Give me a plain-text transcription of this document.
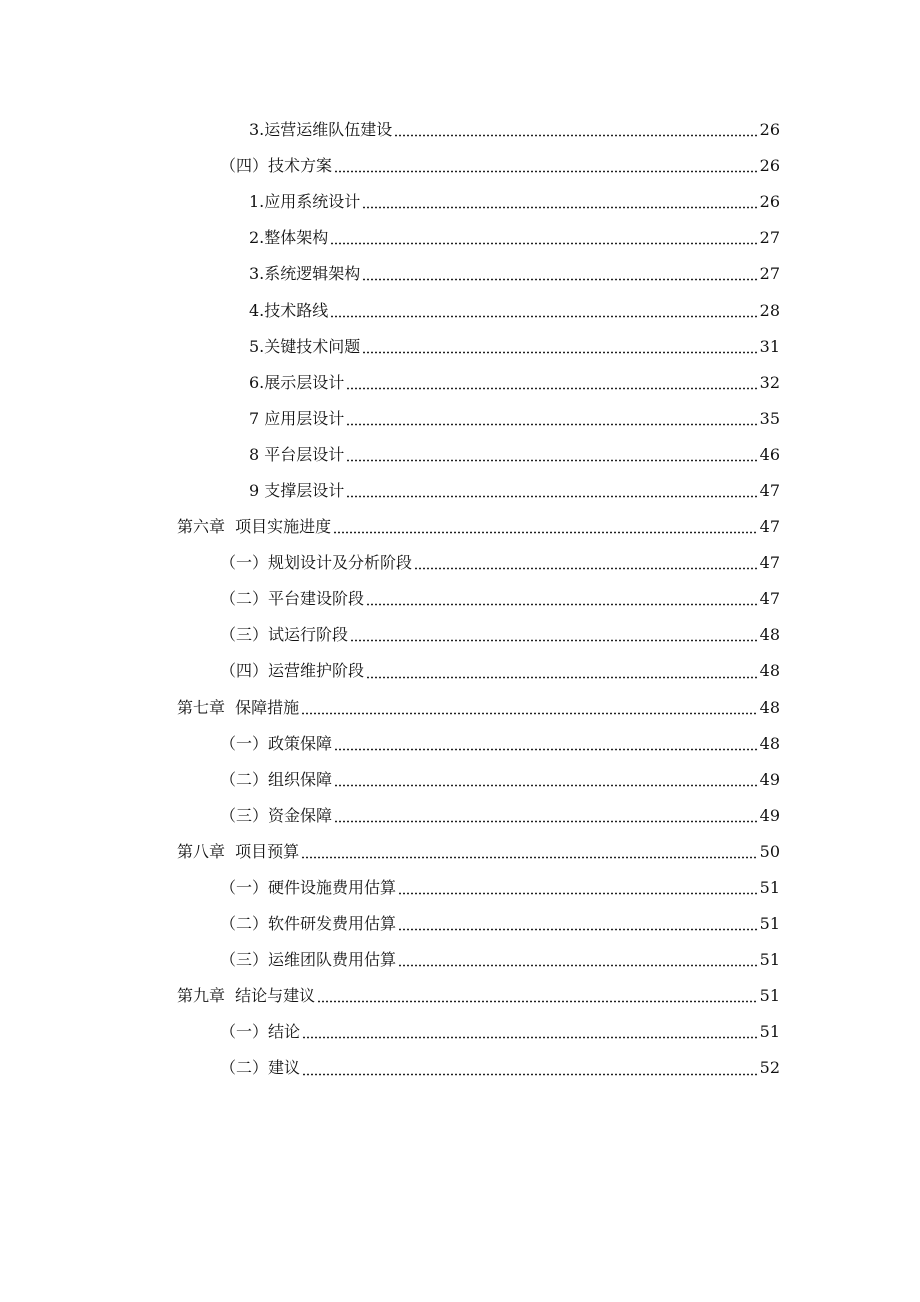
3.运营运维队伍建设	26
（四）技术方案	26
1.应用系统设计	26
2.整体架构	27
3.系统逻辑架构	27
4.技术路线	28
5.关键技术问题	31
6.展示层设计	32
7 应用层设计	35
8 平台层设计	46
9 支撑层设计	47
第六章  项目实施进度	47
（一）规划设计及分析阶段	47
（二）平台建设阶段	47
（三）试运行阶段	48
（四）运营维护阶段	48
第七章  保障措施	48
（一）政策保障	48
（二）组织保障	49
（三）资金保障	49
第八章  项目预算	50
（一）硬件设施费用估算	51
（二）软件研发费用估算	51
（三）运维团队费用估算	51
第九章  结论与建议	51
（一）结论	51
（二）建议	52
